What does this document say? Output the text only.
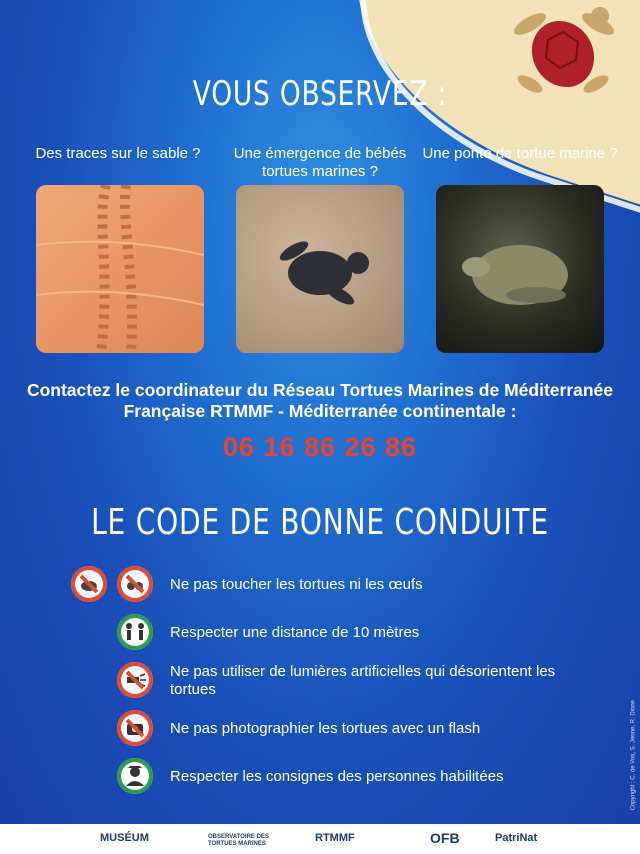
VOUS OBSERVEZ :
Des traces sur le sable ?	Une émergence de bébés tortues marines ?
Une ponte de tortue marine ?
Contactez le coordinateur du Réseau Tortues Marines de Méditerranée Française RTMMF - Méditerranée continentale :
06 16 86 26 86
LE CODE DE BONNE CONDUITE
Ne pas toucher les tortues ni les œufs
Respecter une distance de 10 mètres
Ne pas utiliser de lumières artificielles qui désorientent les tortues
Ne pas photographier les tortues avec un flash
Respecter les consignes des personnes habilitées	Copyright : C. de Vos, S. Jenne, R. Dione
MUSÉUM	OBSERVATOIRE DES TORTUES MARINES	RTMMF	OFB	PatriNat
